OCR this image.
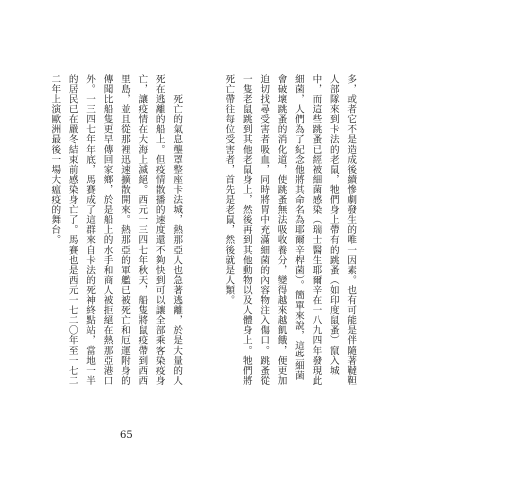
多，或者它不是造成後續慘劇發生的唯一因素。也有可能是伴隨著韃靼人部隊來到卡法的老鼠，牠們身上帶有的跳蚤（如印度鼠蚤）竄入城中，而這些跳蚤已經被細菌感染（瑞士醫生耶爾辛在一八九四年發現此細菌，人們為了紀念他將其命名為耶爾辛桿菌）。簡單來說，這些細菌會破壞跳蚤的消化道，使跳蚤無法吸收養分，變得越來越飢餓，便更加迫切找尋受害者吸血，同時將胃中充滿細菌的內容物注入傷口。跳蚤從一隻老鼠跳到其他老鼠身上，然後再到其他動物以及人體身上。牠們將死亡帶往每位受害者，首先是老鼠，然後就是人類。

　　死亡的氣息壟罩整座卡法城，熱那亞人也急著逃離，於是大量的人死在逃離的船上。但疫情散播的速度還不夠快到可以讓全部乘客染疫身亡，讓疫情在大海上滅絕。西元一三四七年秋天，船隻將鼠疫帶到西西里島，並且從那裡迅速擴散開來。熱那亞的軍艦已被死亡和厄運附身的傳聞比船隻更早傳回家鄉，於是船上的水手和商人被拒絕在熱那亞港口外。一三四七年年底，馬賽成了這群來自卡法的死神終點站，當地一半的居民已在嚴冬結束前感染身亡了。馬賽也是西元一七二〇年至一七二二年上演歐洲最後一場大瘟疫的舞台。

65
